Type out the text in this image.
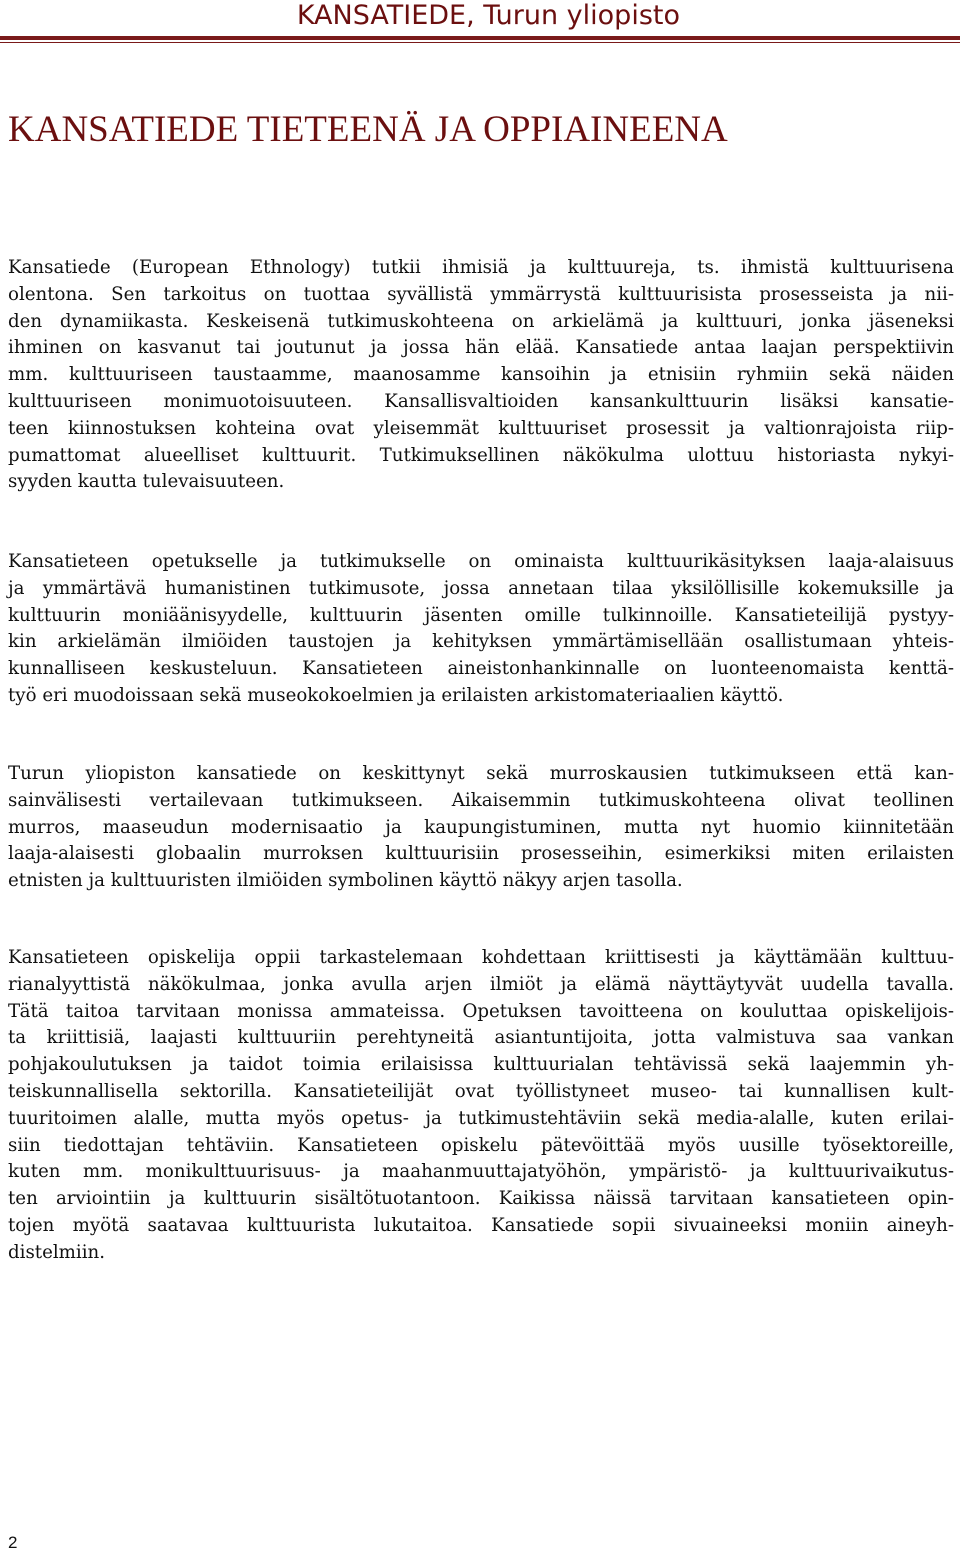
KANSATIEDE, Turun yliopisto
KANSATIEDE TIETEENÄ JA OPPIAINEENA
Kansatiede (European Ethnology) tutkii ihmisiä ja kulttuureja, ts. ihmistä kulttuurisena
olentona. Sen tarkoitus on tuottaa syvällistä ymmärrystä kulttuurisista prosesseista ja nii-
den dynamiikasta. Keskeisenä tutkimuskohteena on arkielämä ja kulttuuri, jonka jäseneksi
ihminen on kasvanut tai joutunut ja jossa hän elää. Kansatiede antaa laajan perspektiivin
mm. kulttuuriseen taustaamme, maanosamme kansoihin ja etnisiin ryhmiin sekä näiden
kulttuuriseen monimuotoisuuteen. Kansallisvaltioiden kansankulttuurin lisäksi kansatie-
teen kiinnostuksen kohteina ovat yleisemmät kulttuuriset prosessit ja valtionrajoista riip-
pumattomat alueelliset kulttuurit. Tutkimuksellinen näkökulma ulottuu historiasta nykyi-
syyden kautta tulevaisuuteen.
Kansatieteen opetukselle ja tutkimukselle on ominaista kulttuurikäsityksen laaja-alaisuus
ja ymmärtävä humanistinen tutkimusote, jossa annetaan tilaa yksilöllisille kokemuksille ja
kulttuurin moniäänisyydelle, kulttuurin jäsenten omille tulkinnoille. Kansatieteilijä pystyy-
kin arkielämän ilmiöiden taustojen ja kehityksen ymmärtämisellään osallistumaan yhteis-
kunnalliseen keskusteluun. Kansatieteen aineistonhankinnalle on luonteenomaista kenttä-
työ eri muodoissaan sekä museokokoelmien ja erilaisten arkistomateriaalien käyttö.
Turun yliopiston kansatiede on keskittynyt sekä murroskausien tutkimukseen että kan-
sainvälisesti vertailevaan tutkimukseen. Aikaisemmin tutkimuskohteena olivat teollinen
murros, maaseudun modernisaatio ja kaupungistuminen, mutta nyt huomio kiinnitetään
laaja-alaisesti globaalin murroksen kulttuurisiin prosesseihin, esimerkiksi miten erilaisten
etnisten ja kulttuuristen ilmiöiden symbolinen käyttö näkyy arjen tasolla.
Kansatieteen opiskelija oppii tarkastelemaan kohdettaan kriittisesti ja käyttämään kulttuu-
rianalyyttistä näkökulmaa, jonka avulla arjen ilmiöt ja elämä näyttäytyvät uudella tavalla.
Tätä taitoa tarvitaan monissa ammateissa. Opetuksen tavoitteena on kouluttaa opiskelijois-
ta kriittisiä, laajasti kulttuuriin perehtyneitä asiantuntijoita, jotta valmistuva saa vankan
pohjakoulutuksen ja taidot toimia erilaisissa kulttuurialan tehtävissä sekä laajemmin yh-
teiskunnallisella sektorilla. Kansatieteilijät ovat työllistyneet museo- tai kunnallisen kult-
tuuritoimen alalle, mutta myös opetus- ja tutkimustehtäviin sekä media-alalle, kuten erilai-
siin tiedottajan tehtäviin. Kansatieteen opiskelu pätevöittää myös uusille työsektoreille,
kuten mm. monikulttuurisuus- ja maahanmuuttajatyöhön, ympäristö- ja kulttuurivaikutus-
ten arviointiin ja kulttuurin sisältötuotantoon. Kaikissa näissä tarvitaan kansatieteen opin-
tojen myötä saatavaa kulttuurista lukutaitoa. Kansatiede sopii sivuaineeksi moniin aineyh-
distelmiin.
2
